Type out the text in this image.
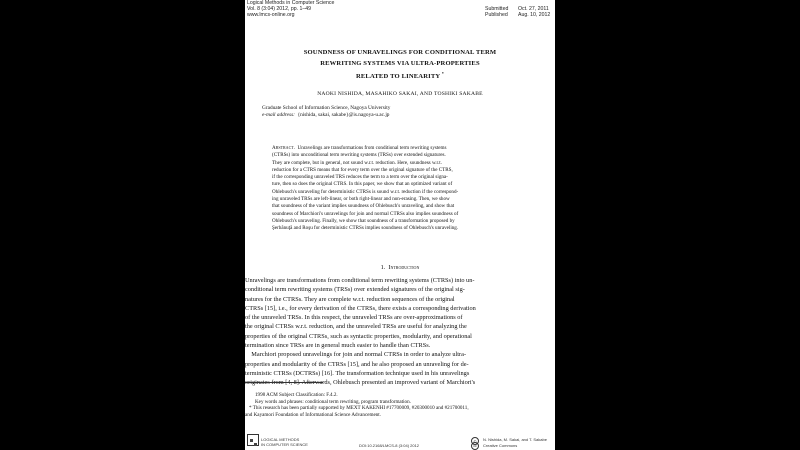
Logical Methods in Computer Science
Vol. 8 (3:04) 2012, pp. 1–49
www.lmcs-online.org
Submitted Oct. 27, 2011
Published Aug. 10, 2012
SOUNDNESS OF UNRAVELINGS FOR CONDITIONAL TERM
REWRITING SYSTEMS VIA ULTRA-PROPERTIES
RELATED TO LINEARITY *
NAOKI NISHIDA, MASAHIKO SAKAI, AND TOSHIKI SAKABE
Graduate School of Information Science, Nagoya University
e-mail address: {nishida, sakai, sakabe}@is.nagoya-u.ac.jp
Abstract. Unravelings are transformations from conditional term rewriting systems
(CTRSs) into unconditional term rewriting systems (TRSs) over extended signatures.
They are complete, but in general, not sound w.r.t. reduction. Here, soundness w.r.t.
reduction for a CTRS means that for every term over the original signature of the CTRS,
if the corresponding unraveled TRS reduces the term to a term over the original signa-
ture, then so does the original CTRS. In this paper, we show that an optimized variant of
Ohlebusch's unraveling for deterministic CTRSs is sound w.r.t. reduction if the correspond-
ing unraveled TRSs are left-linear, or both right-linear and non-erasing. Then, we show
that soundness of the variant implies soundness of Ohlebusch's unraveling, and show that
soundness of Marchiori's unravelings for join and normal CTRSs also implies soundness of
Ohlebusch's unraveling. Finally, we show that soundness of a transformation proposed by
Şerbănuţă and Roşu for deterministic CTRSs implies soundness of Ohlebusch's unraveling.
1. Introduction
Unravelings are transformations from conditional term rewriting systems (CTRSs) into un-
conditional term rewriting systems (TRSs) over extended signatures of the original sig-
natures for the CTRSs. They are complete w.r.t. reduction sequences of the original
CTRSs [15], i.e., for every derivation of the CTRSs, there exists a corresponding derivation
of the unraveled TRSs. In this respect, the unraveled TRSs are over-approximations of
the original CTRSs w.r.t. reduction, and the unraveled TRSs are useful for analyzing the
properties of the original CTRSs, such as syntactic properties, modularity, and operational
termination since TRSs are in general much easier to handle than CTRSs.
Marchiori proposed unravelings for join and normal CTRSs in order to analyze ultra-
properties and modularity of the CTRSs [15], and he also proposed an unraveling for de-
terministic CTRSs (DCTRSs) [16]. The transformation technique used in his unravelings
originates from [4, 8]. Afterwards, Ohlebusch presented an improved variant of Marchiori's
1998 ACM Subject Classification: F.4.2.
Key words and phrases: conditional term rewriting, program transformation.
* This research has been partially supported by MEXT KAKENHI #17700009, #20300010 and #21700011,
and Kayamori Foundation of Informational Science Advancement.
LOGICAL METHODS
IN COMPUTER SCIENCE	DOI:10.2168/LMCS-8 (3:04) 2012
©	N. Nishida, M. Sakai, and T. Sakabe
cc	Creative Commons
